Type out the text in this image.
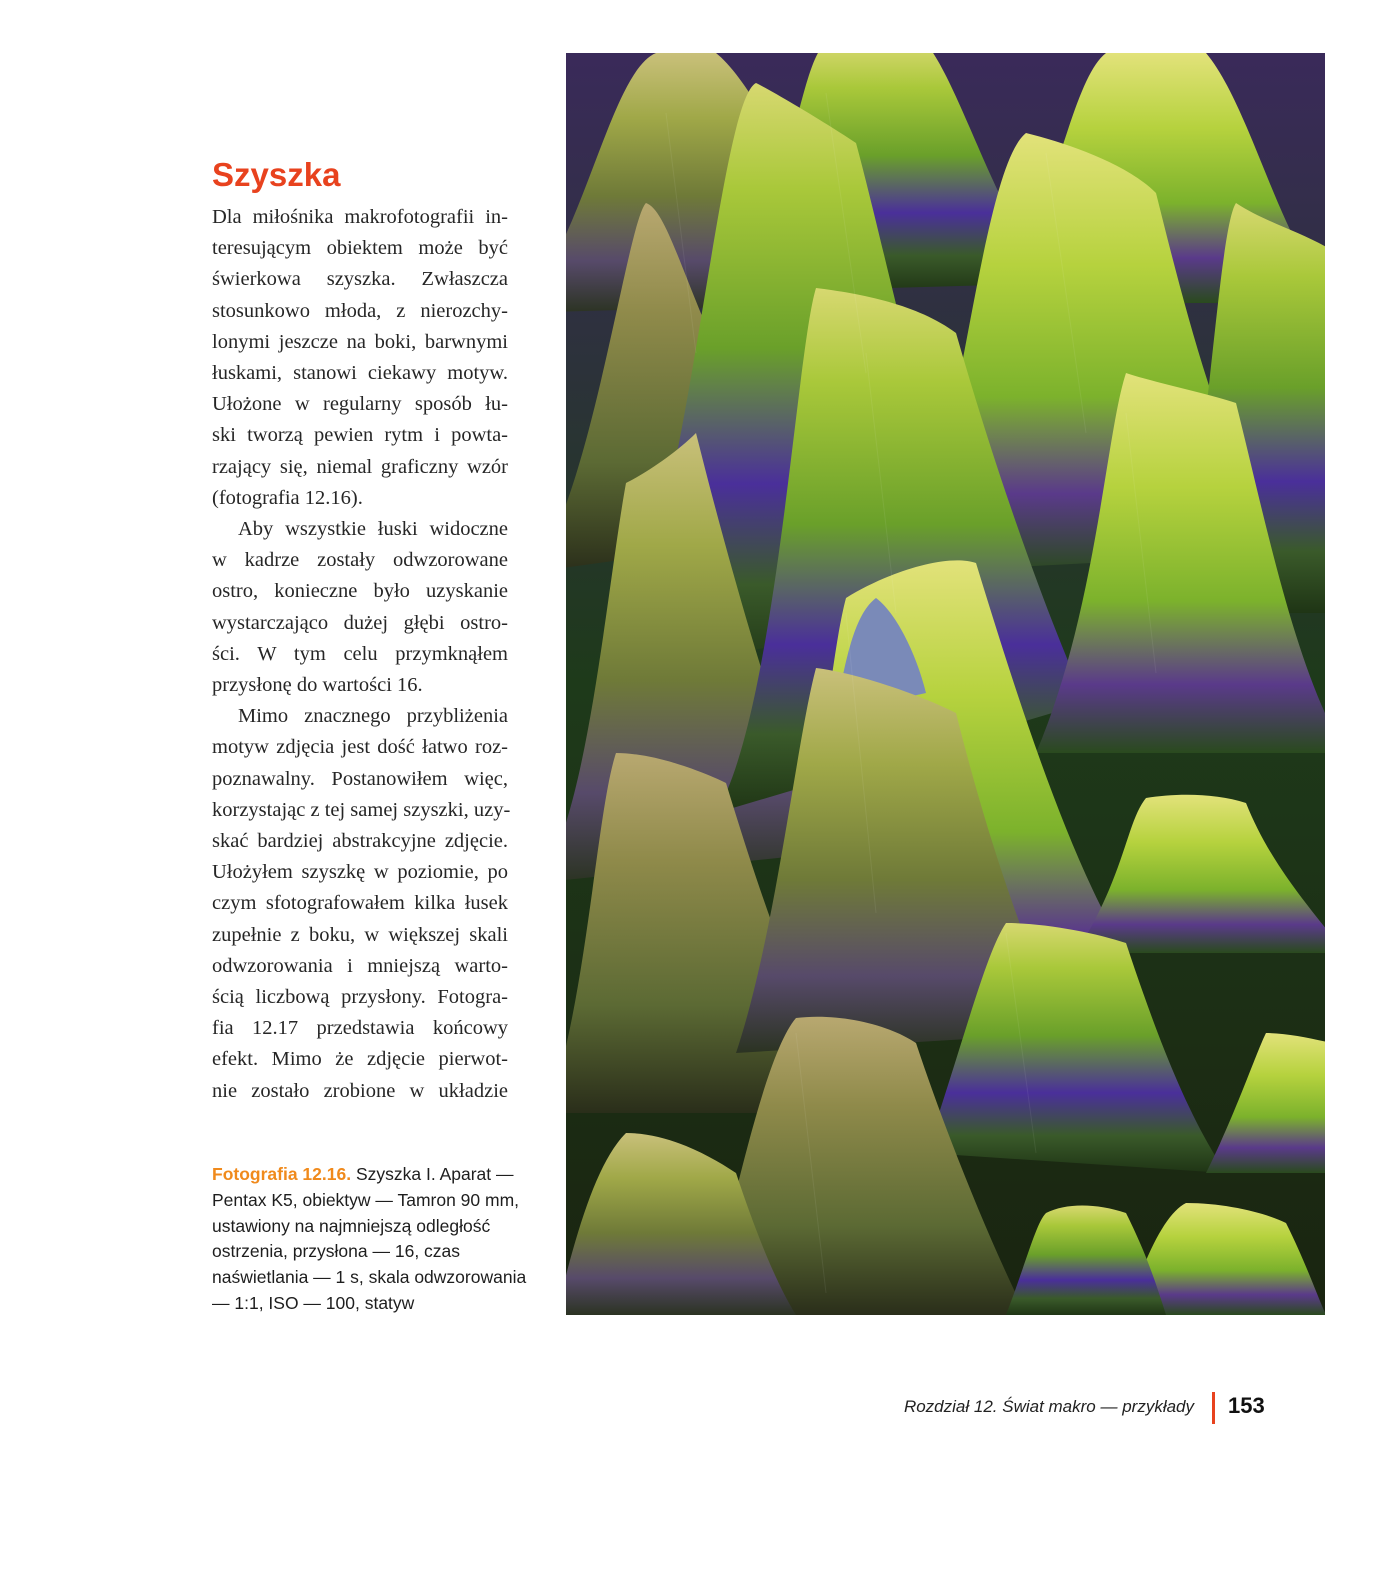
Szyszka
Dla miłośnika makrofotografii in-
teresującym obiektem może być
świerkowa szyszka. Zwłaszcza
stosunkowo młoda, z nierozchy-
lonymi jeszcze na boki, barwnymi
łuskami, stanowi ciekawy motyw.
Ułożone w regularny sposób łu-
ski tworzą pewien rytm i powta-
rzający się, niemal graficzny wzór
(fotografia 12.16).
Aby wszystkie łuski widoczne
w kadrze zostały odwzorowane
ostro, konieczne było uzyskanie
wystarczająco dużej głębi ostro-
ści. W tym celu przymknąłem
przysłonę do wartości 16.
Mimo znacznego przybliżenia
motyw zdjęcia jest dość łatwo roz-
poznawalny. Postanowiłem więc,
korzystając z tej samej szyszki, uzy-
skać bardziej abstrakcyjne zdjęcie.
Ułożyłem szyszkę w poziomie, po
czym sfotografowałem kilka łusek
zupełnie z boku, w większej skali
odwzorowania i mniejszą warto-
ścią liczbową przysłony. Fotogra-
fia 12.17 przedstawia końcowy
efekt. Mimo że zdjęcie pierwot-
nie zostało zrobione w układzie
Fotografia 12.16. Szyszka I. Aparat — Pentax K5, obiektyw — Tamron 90 mm, ustawiony na najmniejszą odległość ostrzenia, przysłona — 16, czas naświetlania — 1 s, skala odwzorowania — 1:1, ISO — 100, statyw
Rozdział 12. Świat makro — przykłady 153
